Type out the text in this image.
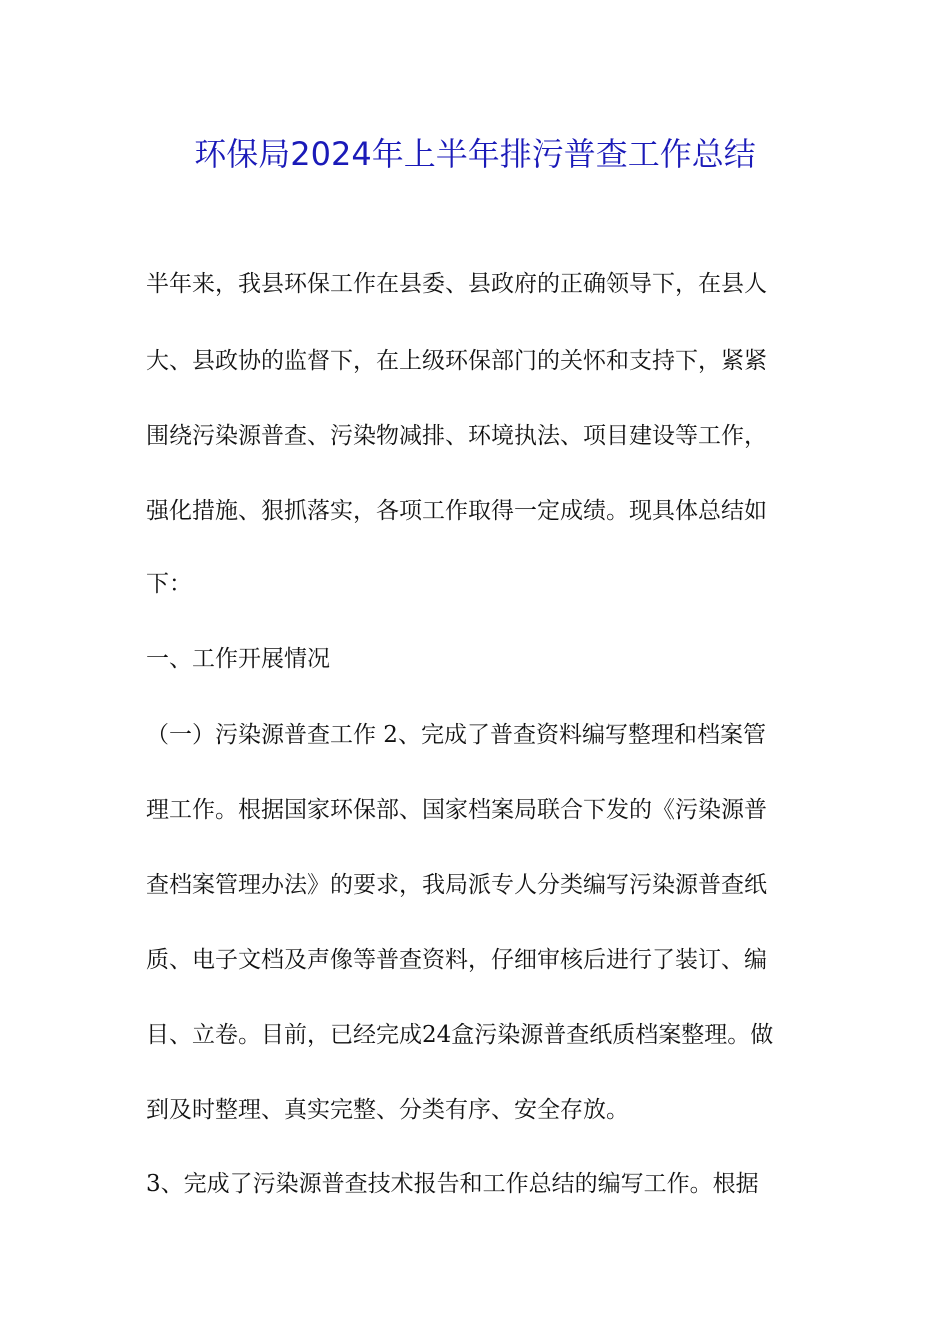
环保局2024年上半年排污普查工作总结
半年来，我县环保工作在县委、县政府的正确领导下，在县人
大、县政协的监督下，在上级环保部门的关怀和支持下，紧紧
围绕污染源普查、污染物减排、环境执法、项目建设等工作，
强化措施、狠抓落实，各项工作取得一定成绩。现具体总结如
下：
一、工作开展情况
（一）污染源普查工作 2、完成了普查资料编写整理和档案管
理工作。根据国家环保部、国家档案局联合下发的《污染源普
查档案管理办法》的要求，我局派专人分类编写污染源普查纸
质、电子文档及声像等普查资料，仔细审核后进行了装订、编
目、立卷。目前，已经完成24盒污染源普查纸质档案整理。做
到及时整理、真实完整、分类有序、安全存放。
3、完成了污染源普查技术报告和工作总结的编写工作。根据
